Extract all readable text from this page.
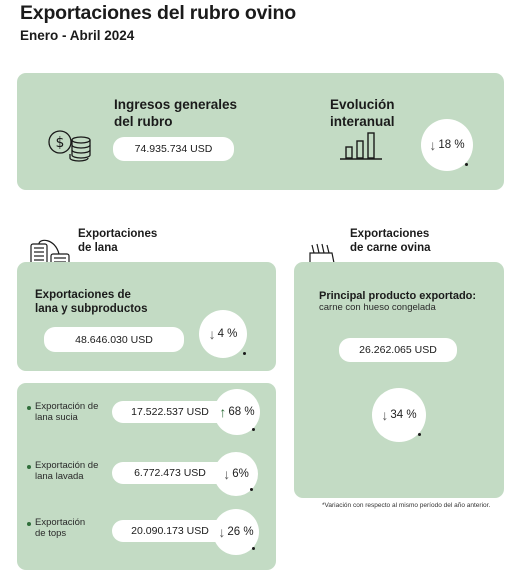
Exportaciones del rubro ovino
Enero - Abril 2024
$
Ingresos generales
del rubro
74.935.734 USD
Evolución
interanual
↓ 18 %
Exportaciones
de lana
Exportaciones de
lana y subproductos
48.646.030 USD	↓ 4 %
Exportación de
lana sucia	17.522.537 USD ↑ 68 %
Exportación de
lana lavada	6.772.473 USD	↓ 6%
Exportación
de tops	20.090.173 USD ↓ 26 %
Exportaciones
de carne ovina
Principal producto exportado:
carne con hueso congelada
26.262.065 USD
↓ 34 %
*Variación con respecto al mismo período del año anterior.
